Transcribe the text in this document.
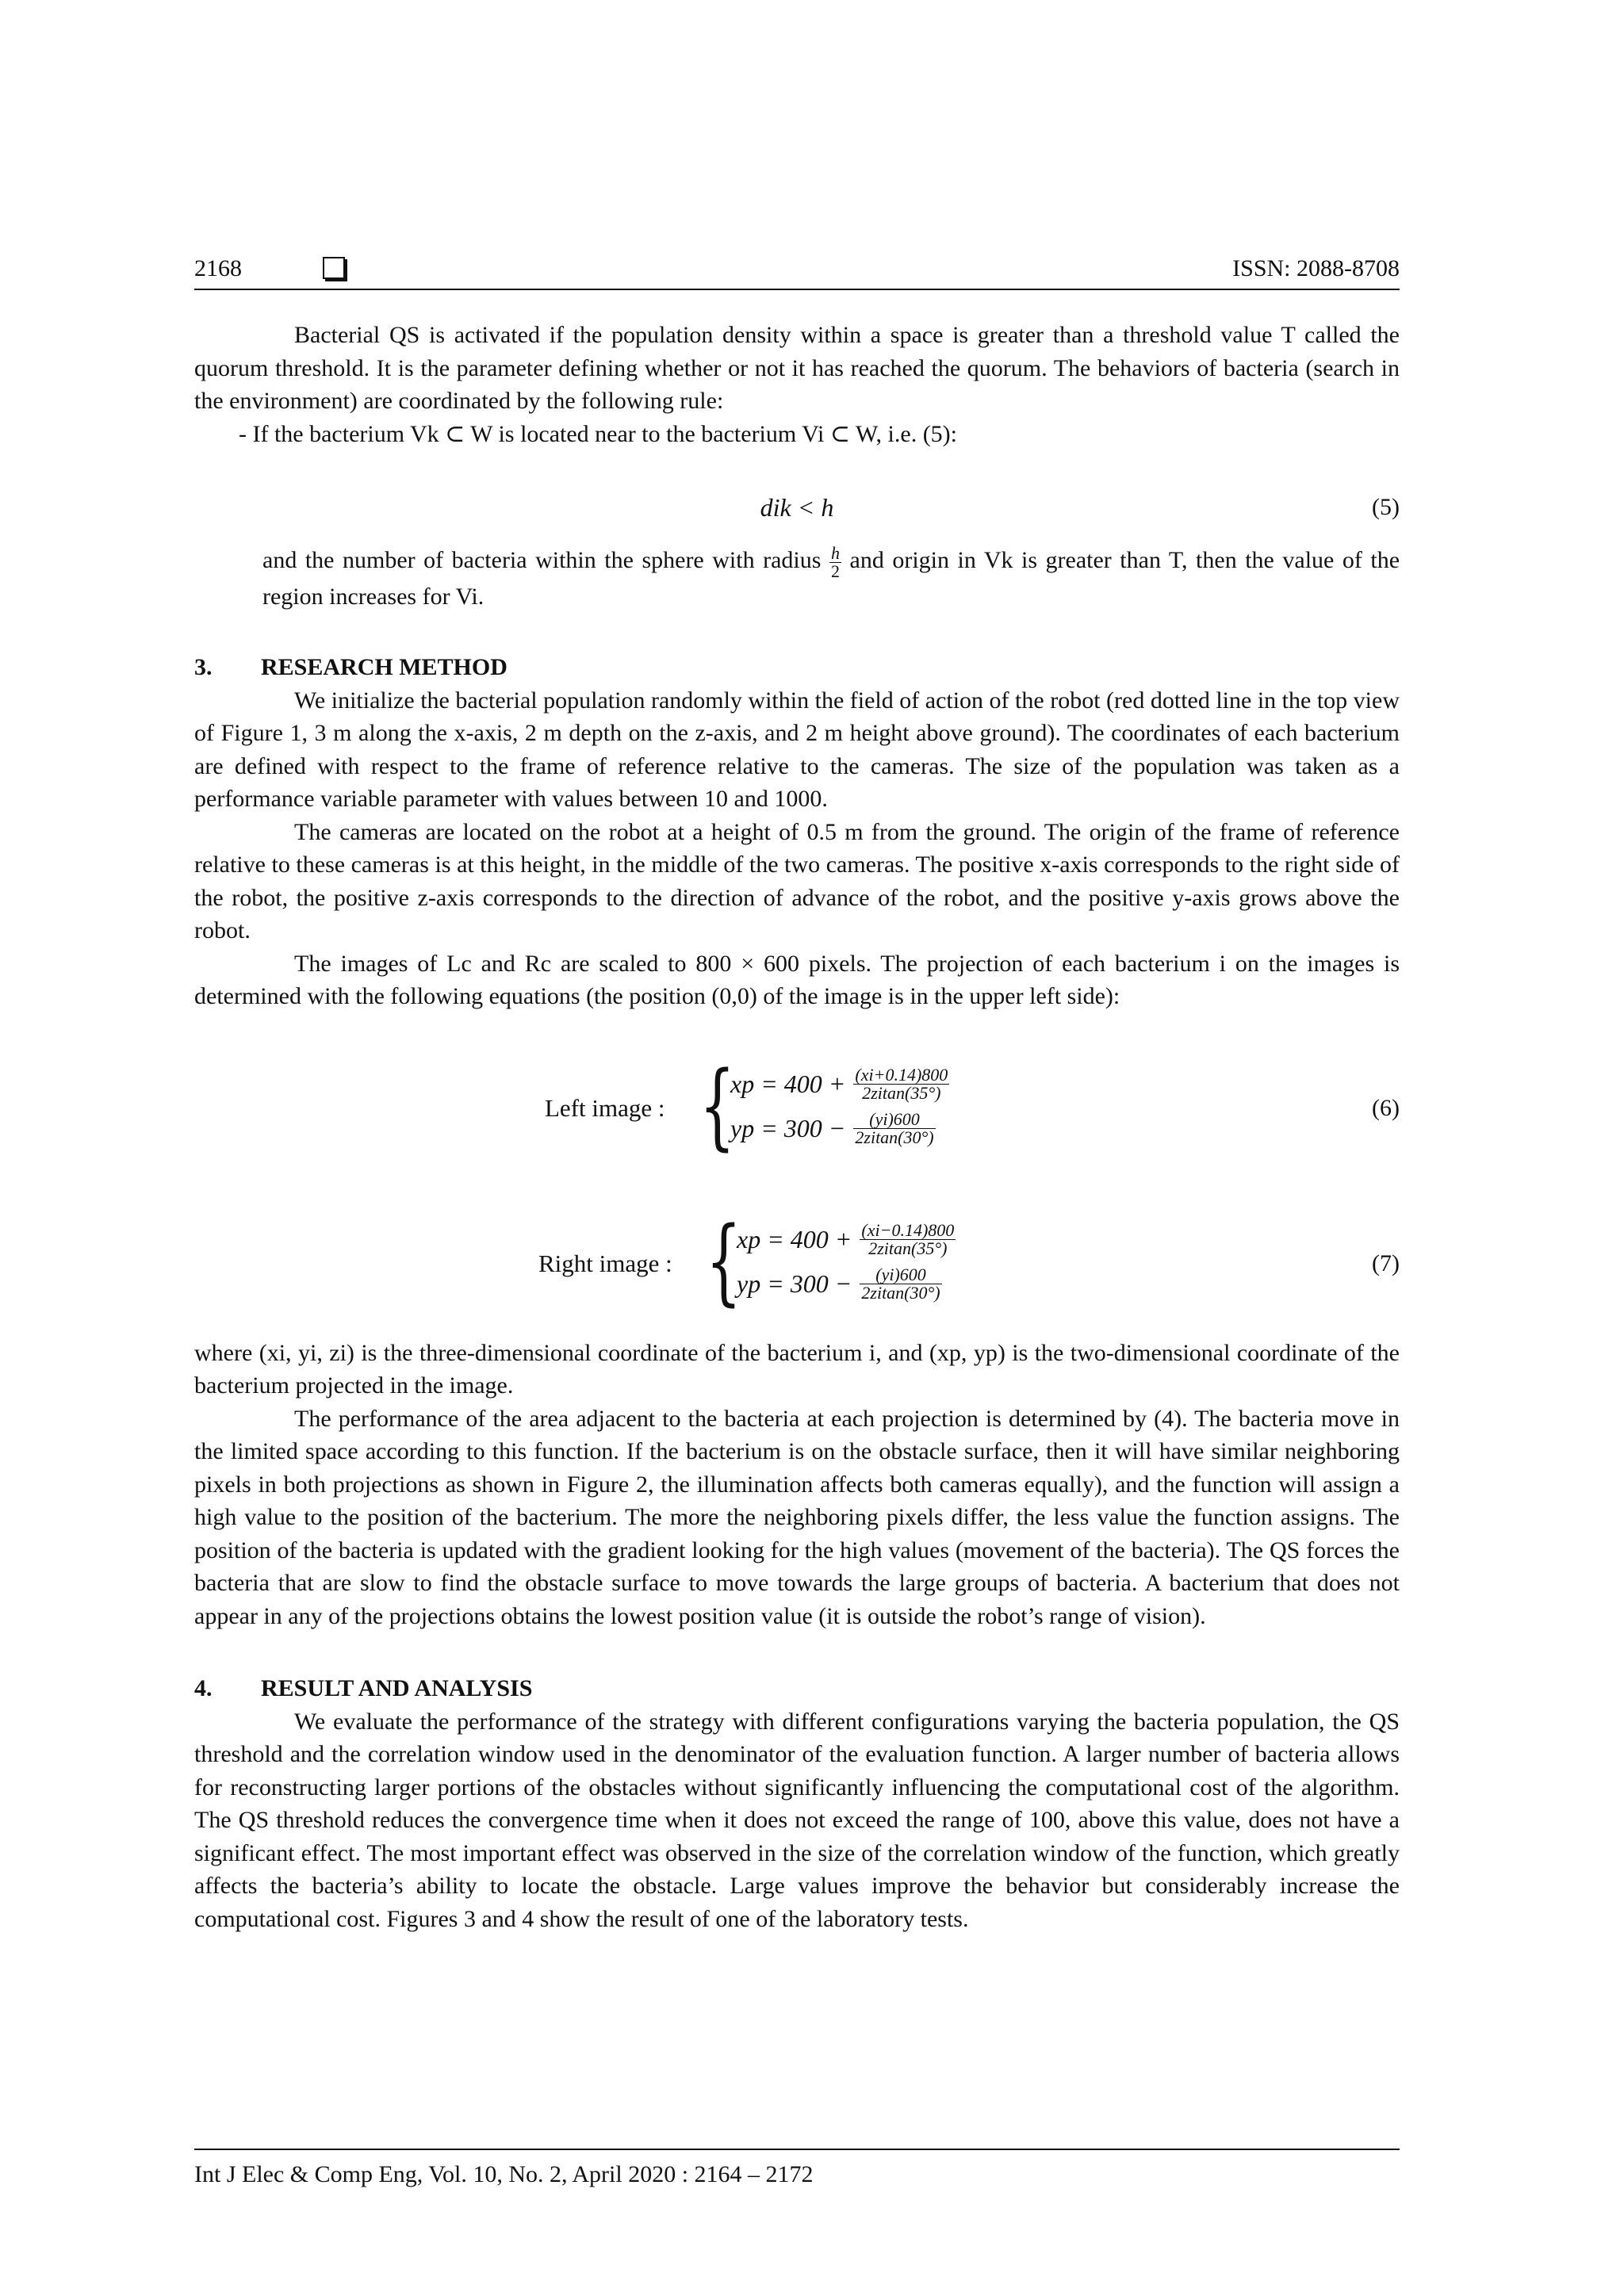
2168	ISSN: 2088-8708

Bacterial QS is activated if the population density within a space is greater than a threshold value T called the quorum threshold. It is the parameter defining whether or not it has reached the quorum. The behaviors of bacteria (search in the environment) are coordinated by the following rule:

- If the bacterium Vk ⊂ W is located near to the bacterium Vi ⊂ W, i.e. (5):

dik < h	(5)

and the number of bacteria within the sphere with radius $\frac{h}{2}$ and origin in Vk is greater than T, then the value of the region increases for Vi.

3. RESEARCH METHOD

We initialize the bacterial population randomly within the field of action of the robot (red dotted line in the top view of Figure 1, 3 m along the x-axis, 2 m depth on the z-axis, and 2 m height above ground). The coordinates of each bacterium are defined with respect to the frame of reference relative to the cameras. The size of the population was taken as a performance variable parameter with values between 10 and 1000.

The cameras are located on the robot at a height of 0.5 m from the ground. The origin of the frame of reference relative to these cameras is at this height, in the middle of the two cameras. The positive x-axis corresponds to the right side of the robot, the positive z-axis corresponds to the direction of advance of the robot, and the positive y-axis grows above the robot.

The images of Lc and Rc are scaled to 800 × 600 pixels. The projection of each bacterium i on the images is determined with the following equations (the position (0,0) of the image is in the upper left side):

Left image : {
xp = $400 + \frac{(xi+0.14)800}{2zitan(35^\circ)}$
yp = $300 - \frac{(yi)600}{2zitan(30^\circ)}$
(6)
Right image : {
xp = $400 + \frac{(xi-0.14)800}{2zitan(35^\circ)}$
yp = $300 - \frac{(yi)600}{2zitan(30^\circ)}$
(7)

where (xi, yi, zi) is the three-dimensional coordinate of the bacterium i, and (xp, yp) is the two-dimensional coordinate of the bacterium projected in the image.

The performance of the area adjacent to the bacteria at each projection is determined by (4). The bacteria move in the limited space according to this function. If the bacterium is on the obstacle surface, then it will have similar neighboring pixels in both projections as shown in Figure 2, the illumination affects both cameras equally), and the function will assign a high value to the position of the bacterium. The more the neighboring pixels differ, the less value the function assigns. The position of the bacteria is updated with the gradient looking for the high values (movement of the bacteria). The QS forces the bacteria that are slow to find the obstacle surface to move towards the large groups of bacteria. A bacterium that does not appear in any of the projections obtains the lowest position value (it is outside the robot’s range of vision).

4. RESULT AND ANALYSIS

We evaluate the performance of the strategy with different configurations varying the bacteria population, the QS threshold and the correlation window used in the denominator of the evaluation function. A larger number of bacteria allows for reconstructing larger portions of the obstacles without significantly influencing the computational cost of the algorithm. The QS threshold reduces the convergence time when it does not exceed the range of 100, above this value, does not have a significant effect. The most important effect was observed in the size of the correlation window of the function, which greatly affects the bacteria’s ability to locate the obstacle. Large values improve the behavior but considerably increase the computational cost. Figures 3 and 4 show the result of one of the laboratory tests.

Int J Elec & Comp Eng, Vol. 10, No. 2, April 2020 : 2164 – 2172
